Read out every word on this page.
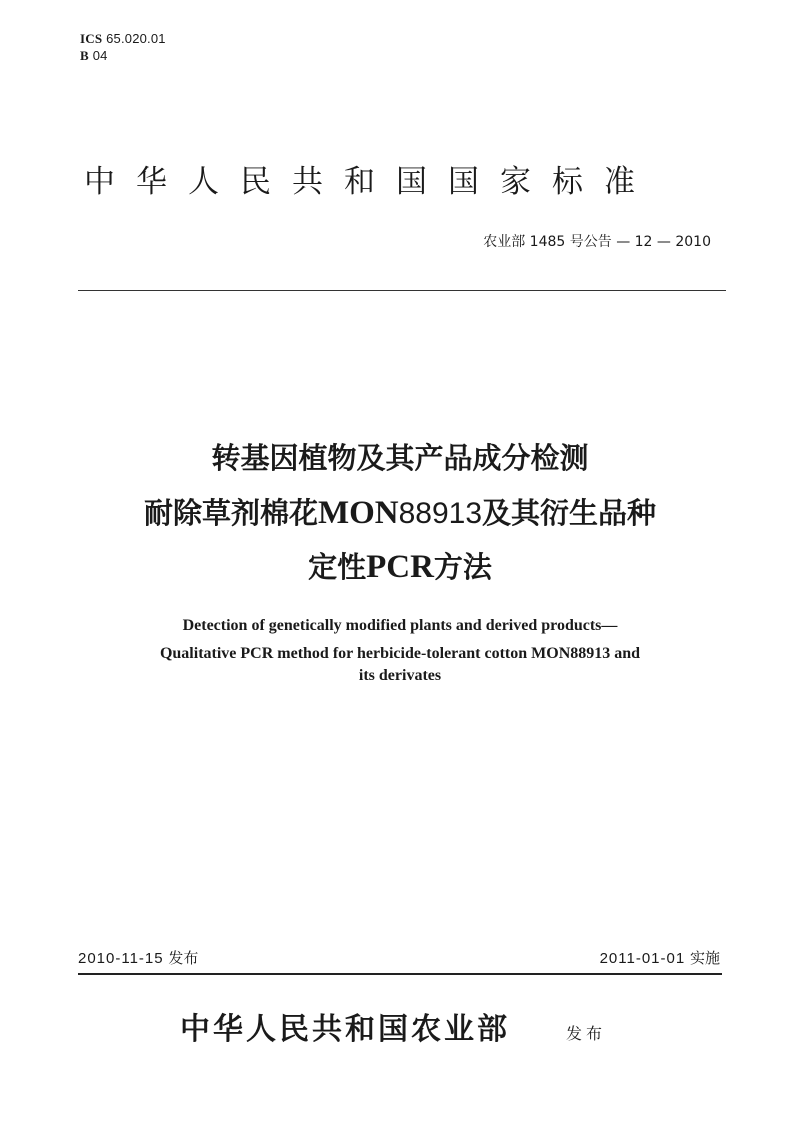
ICS 65.020.01
B 04
中华人民共和国国家标准
农业部 1485 号公告 — 12 — 2010
转基因植物及其产品成分检测
耐除草剂棉花MON88913及其衍生品种
定性PCR方法
Detection of genetically modified plants and derived products—
Qualitative PCR method for herbicide-tolerant cotton MON88913 and
its derivates
2010-11-15 发布	2011-01-01 实施
中华人民共和国农业部	发布
